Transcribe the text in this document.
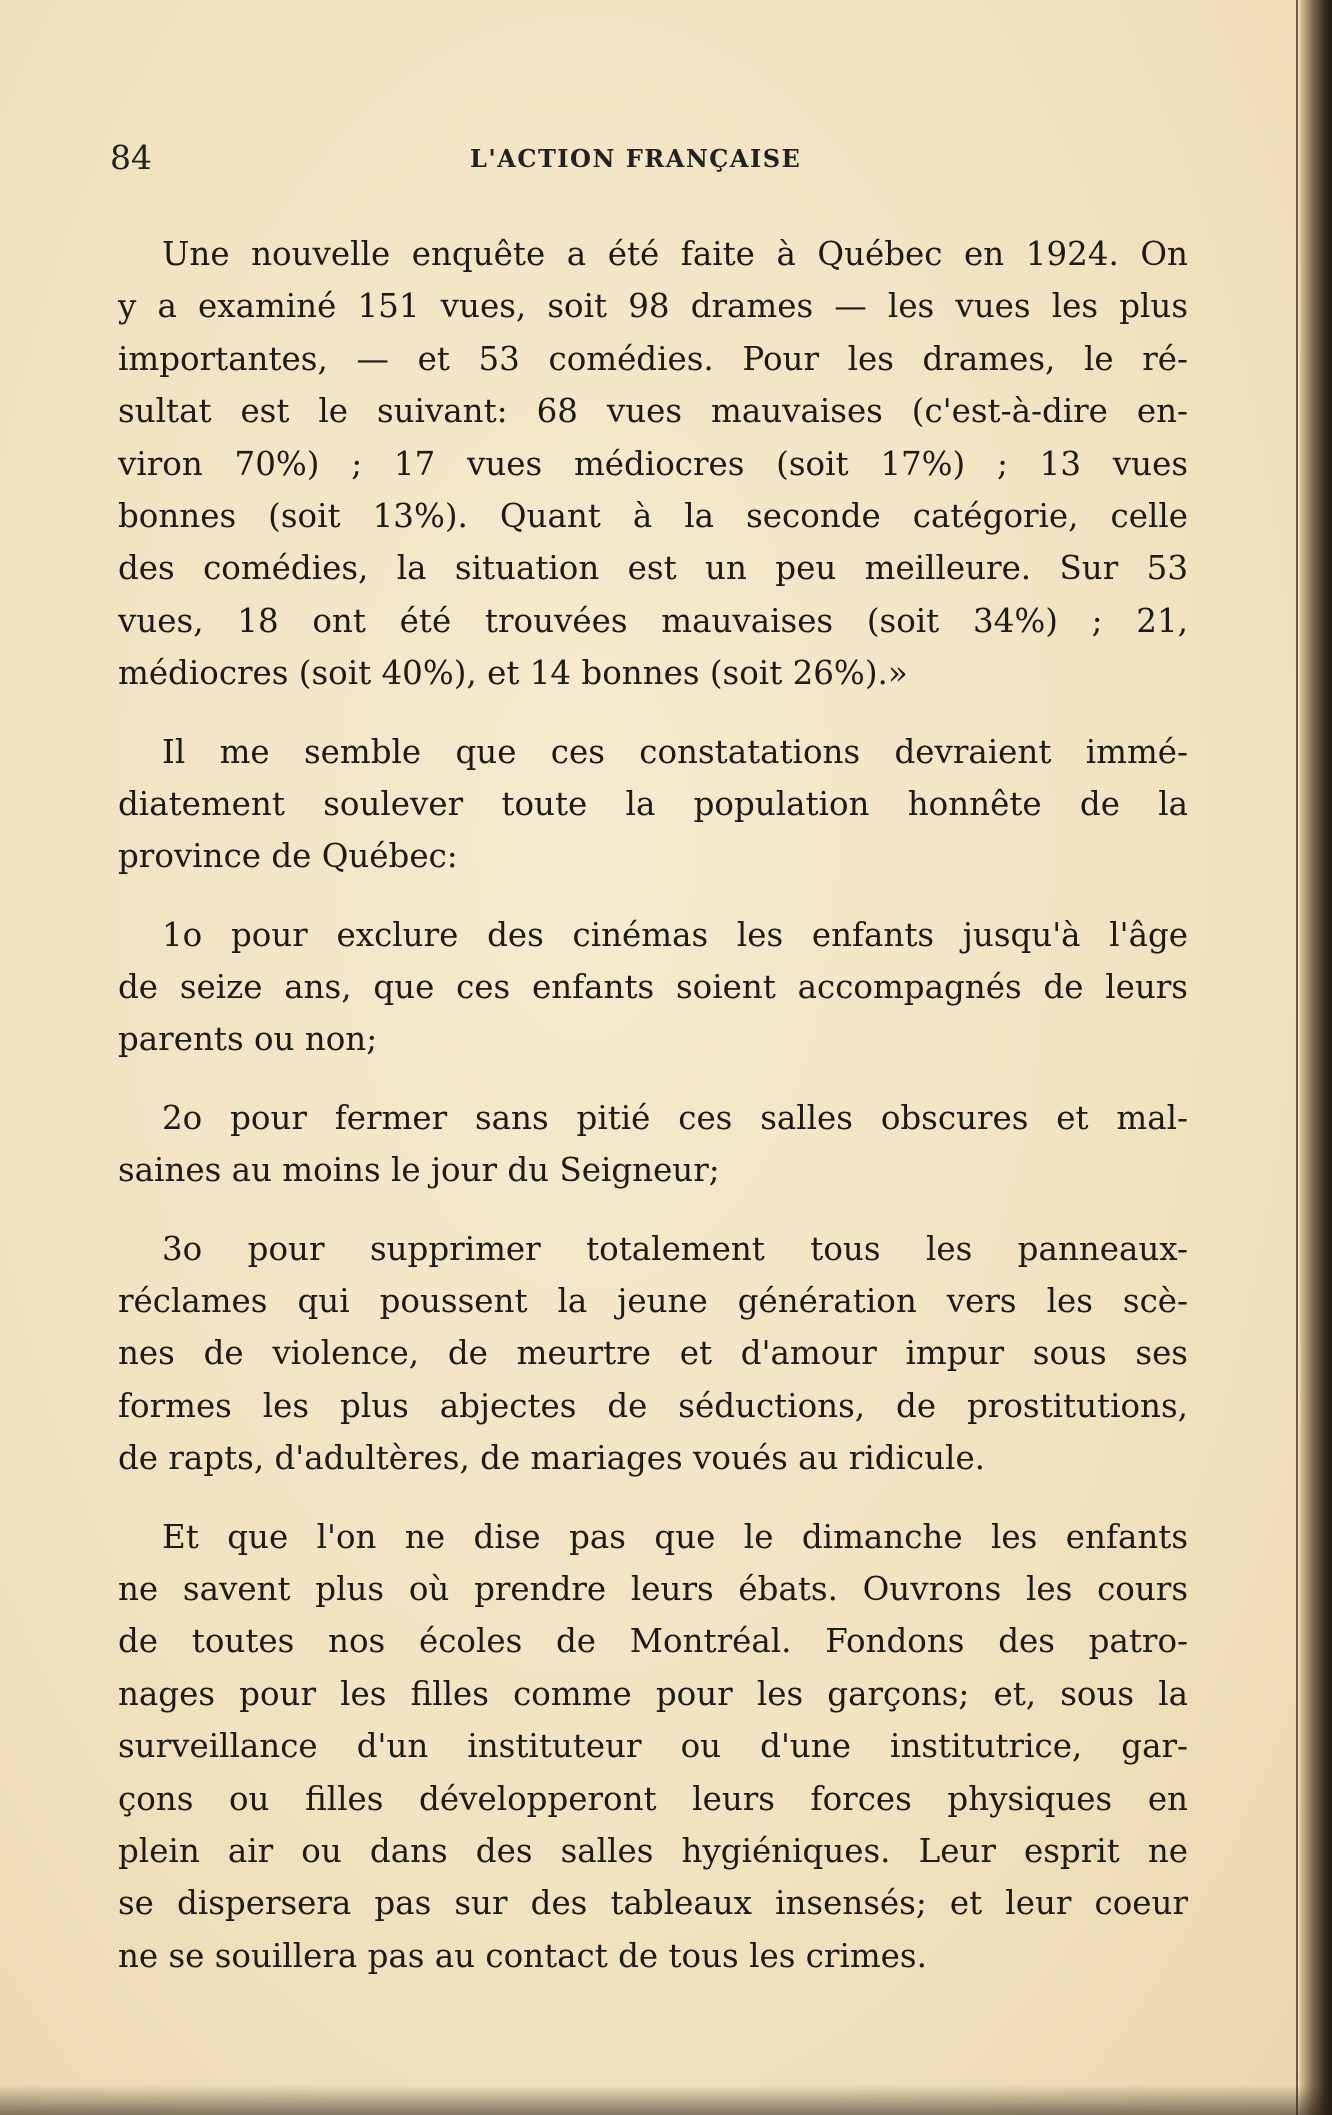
84	L'ACTION FRANÇAISE
Une nouvelle enquête a été faite à Québec en 1924. On
y a examiné 151 vues, soit 98 drames — les vues les plus
importantes, — et 53 comédies. Pour les drames, le ré-
sultat est le suivant: 68 vues mauvaises (c'est-à-dire en-
viron 70%) ; 17 vues médiocres (soit 17%) ; 13 vues
bonnes (soit 13%). Quant à la seconde catégorie, celle
des comédies, la situation est un peu meilleure. Sur 53
vues, 18 ont été trouvées mauvaises (soit 34%) ; 21,
médiocres (soit 40%), et 14 bonnes (soit 26%).»
Il me semble que ces constatations devraient immé-
diatement soulever toute la population honnête de la
province de Québec:
1o pour exclure des cinémas les enfants jusqu'à l'âge
de seize ans, que ces enfants soient accompagnés de leurs
parents ou non;
2o pour fermer sans pitié ces salles obscures et mal-
saines au moins le jour du Seigneur;
3o pour supprimer totalement tous les panneaux-
réclames qui poussent la jeune génération vers les scè-
nes de violence, de meurtre et d'amour impur sous ses
formes les plus abjectes de séductions, de prostitutions,
de rapts, d'adultères, de mariages voués au ridicule.
Et que l'on ne dise pas que le dimanche les enfants
ne savent plus où prendre leurs ébats. Ouvrons les cours
de toutes nos écoles de Montréal. Fondons des patro-
nages pour les filles comme pour les garçons; et, sous la
surveillance d'un instituteur ou d'une institutrice, gar-
çons ou filles développeront leurs forces physiques en
plein air ou dans des salles hygiéniques. Leur esprit ne
se dispersera pas sur des tableaux insensés; et leur coeur
ne se souillera pas au contact de tous les crimes.
